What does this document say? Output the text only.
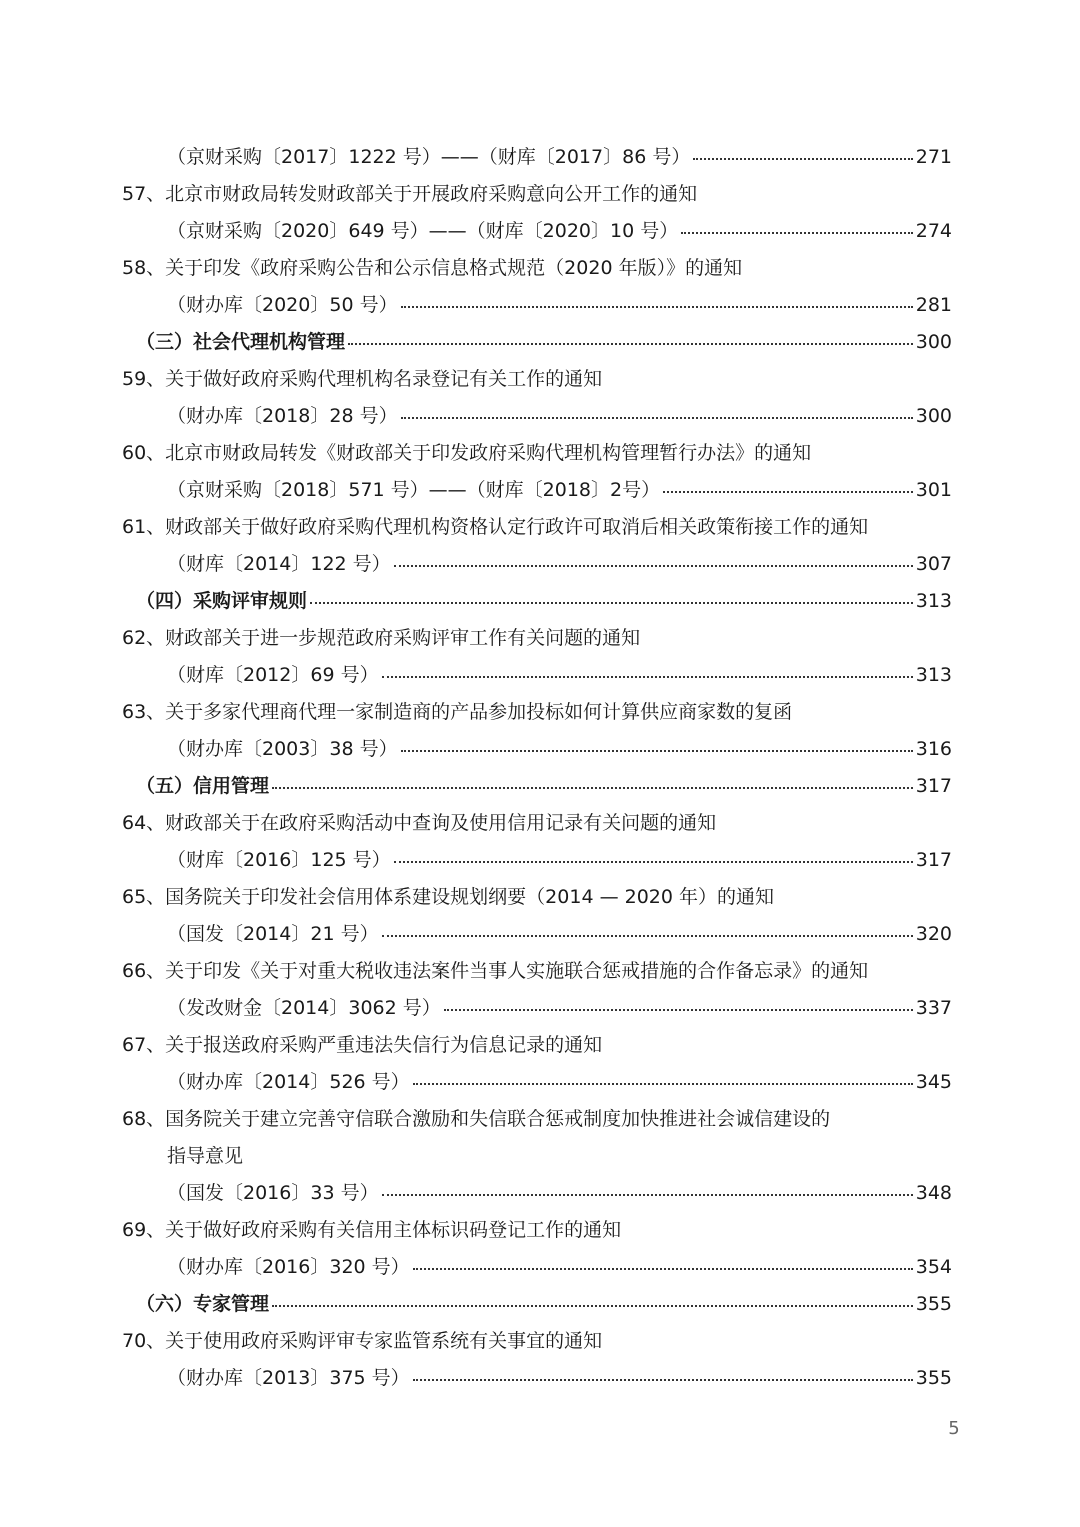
（京财采购〔2017〕1222 号）——（财库〔2017〕86 号）	271
57、北京市财政局转发财政部关于开展政府采购意向公开工作的通知
（京财采购〔2020〕649 号）——（财库〔2020〕10 号）	274
58、关于印发《政府采购公告和公示信息格式规范（2020 年版）》的通知
（财办库〔2020〕50 号）	281
（三）社会代理机构管理	300
59、关于做好政府采购代理机构名录登记有关工作的通知
（财办库〔2018〕28 号）	300
60、北京市财政局转发《财政部关于印发政府采购代理机构管理暂行办法》的通知
（京财采购〔2018〕571 号）——（财库〔2018〕2号）	301
61、财政部关于做好政府采购代理机构资格认定行政许可取消后相关政策衔接工作的通知
（财库〔2014〕122 号）	307
（四）采购评审规则	313
62、财政部关于进一步规范政府采购评审工作有关问题的通知
（财库〔2012〕69 号）	313
63、关于多家代理商代理一家制造商的产品参加投标如何计算供应商家数的复函
（财办库〔2003〕38 号）	316
（五）信用管理	317
64、财政部关于在政府采购活动中查询及使用信用记录有关问题的通知
（财库〔2016〕125 号）	317
65、国务院关于印发社会信用体系建设规划纲要（2014 — 2020 年）的通知
（国发〔2014〕21 号）	320
66、关于印发《关于对重大税收违法案件当事人实施联合惩戒措施的合作备忘录》的通知
（发改财金〔2014〕3062 号）	337
67、关于报送政府采购严重违法失信行为信息记录的通知
（财办库〔2014〕526 号）	345
68、国务院关于建立完善守信联合激励和失信联合惩戒制度加快推进社会诚信建设的
指导意见
（国发〔2016〕33 号）	348
69、关于做好政府采购有关信用主体标识码登记工作的通知
（财办库〔2016〕320 号）	354
（六）专家管理	355
70、关于使用政府采购评审专家监管系统有关事宜的通知
（财办库〔2013〕375 号）	355
5
